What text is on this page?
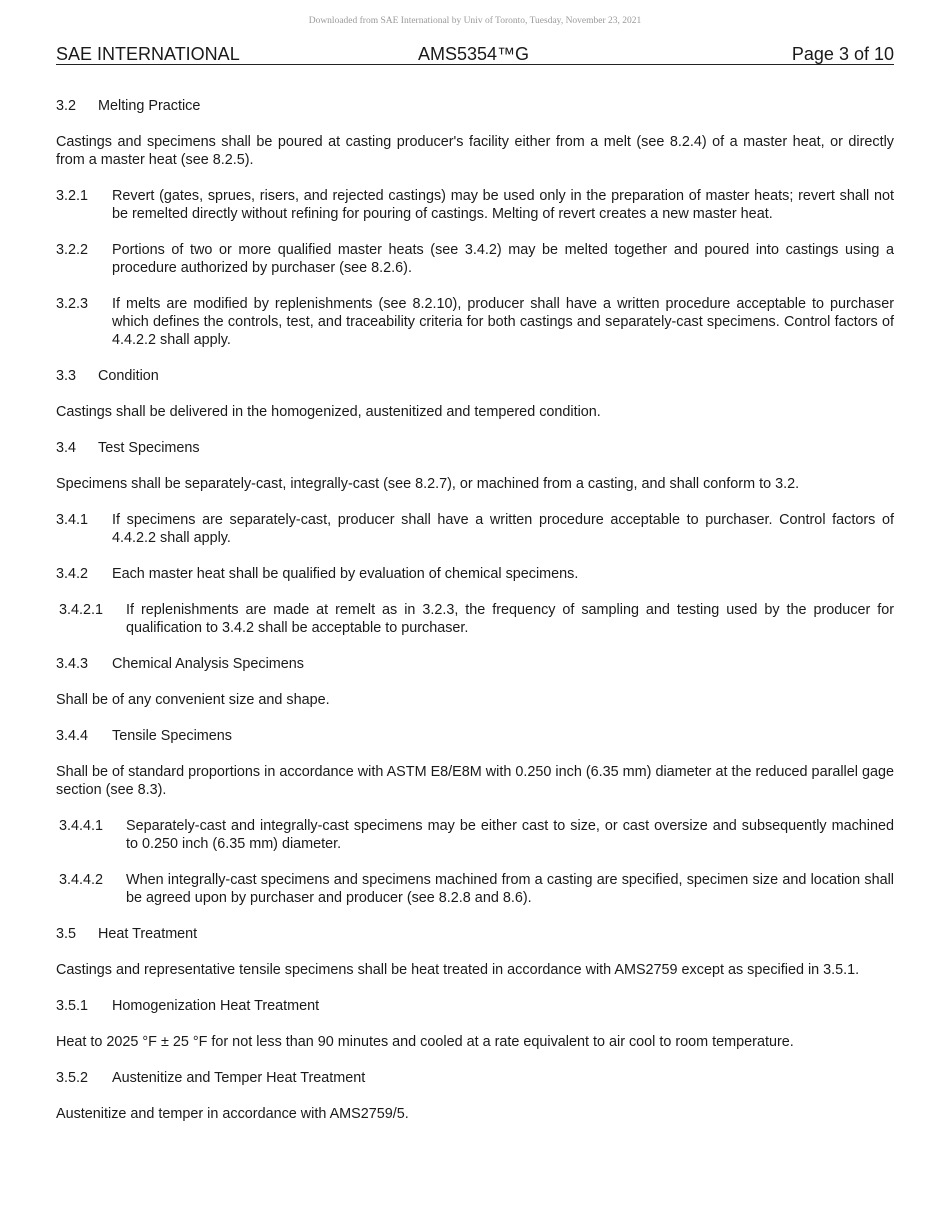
Downloaded from SAE International by Univ of Toronto, Tuesday, November 23, 2021
SAE INTERNATIONAL	AMS5354™G	Page 3 of 10
3.2	Melting Practice
Castings and specimens shall be poured at casting producer's facility either from a melt (see 8.2.4) of a master heat, or directly from a master heat (see 8.2.5).
3.2.1	Revert (gates, sprues, risers, and rejected castings) may be used only in the preparation of master heats; revert shall not be remelted directly without refining for pouring of castings. Melting of revert creates a new master heat.
3.2.2	Portions of two or more qualified master heats (see 3.4.2) may be melted together and poured into castings using a procedure authorized by purchaser (see 8.2.6).
3.2.3	If melts are modified by replenishments (see 8.2.10), producer shall have a written procedure acceptable to purchaser which defines the controls, test, and traceability criteria for both castings and separately-cast specimens. Control factors of 4.4.2.2 shall apply.
3.3	Condition
Castings shall be delivered in the homogenized, austenitized and tempered condition.
3.4	Test Specimens
Specimens shall be separately-cast, integrally-cast (see 8.2.7), or machined from a casting, and shall conform to 3.2.
3.4.1	If specimens are separately-cast, producer shall have a written procedure acceptable to purchaser. Control factors of 4.4.2.2 shall apply.
3.4.2	Each master heat shall be qualified by evaluation of chemical specimens.
3.4.2.1	If replenishments are made at remelt as in 3.2.3, the frequency of sampling and testing used by the producer for qualification to 3.4.2 shall be acceptable to purchaser.
3.4.3	Chemical Analysis Specimens
Shall be of any convenient size and shape.
3.4.4	Tensile Specimens
Shall be of standard proportions in accordance with ASTM E8/E8M with 0.250 inch (6.35 mm) diameter at the reduced parallel gage section (see 8.3).
3.4.4.1	Separately-cast and integrally-cast specimens may be either cast to size, or cast oversize and subsequently machined to 0.250 inch (6.35 mm) diameter.
3.4.4.2	When integrally-cast specimens and specimens machined from a casting are specified, specimen size and location shall be agreed upon by purchaser and producer (see 8.2.8 and 8.6).
3.5	Heat Treatment
Castings and representative tensile specimens shall be heat treated in accordance with AMS2759 except as specified in 3.5.1.
3.5.1	Homogenization Heat Treatment
Heat to 2025 °F ± 25 °F for not less than 90 minutes and cooled at a rate equivalent to air cool to room temperature.
3.5.2	Austenitize and Temper Heat Treatment
Austenitize and temper in accordance with AMS2759/5.
